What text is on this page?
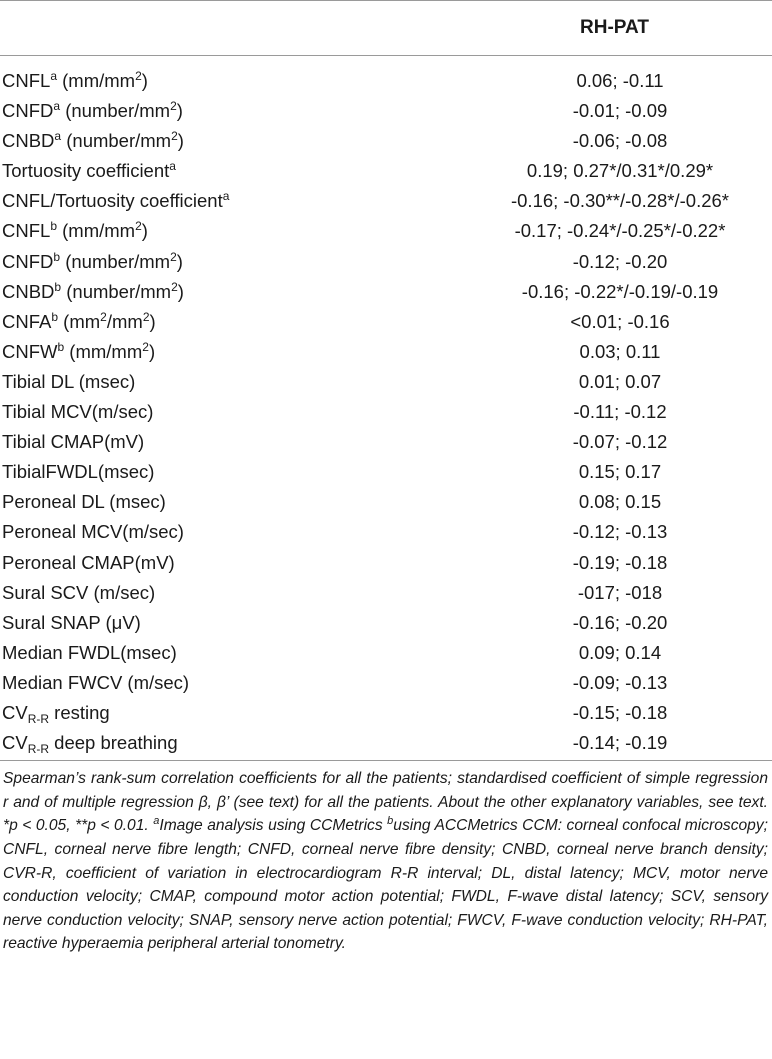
RH-PAT
CNFL$^a$ $(mm/mm^2)$	0.06; -0.11
CNFD$^a$ $(number/mm^2)$	-0.01; -0.09
CNBD$^a$ $(number/mm^2)$	-0.06; -0.08
Tortuosity coefficient$^a$	0.19; 0.27*/0.31*/0.29*
CNFL/Tortuosity coefficient$^a$	-0.16; -0.30**/-0.28*/-0.26*
CNFL$^b$ $(mm/mm^2)$	-0.17; -0.24*/-0.25*/-0.22*
CNFD$^b$ $(number/mm^2)$	-0.12; -0.20
CNBD$^b$ $(number/mm^2)$	-0.16; -0.22*/-0.19/-0.19
CNFA$^b$ $(mm^2/mm^2)$	<0.01; -0.16
CNFW$^b$ $(mm/mm^2)$	0.03; 0.11
Tibial DL (msec)	0.01; 0.07
Tibial MCV(m/sec)	-0.11; -0.12
Tibial CMAP(mV)	-0.07; -0.12
TibialFWDL(msec)	0.15; 0.17
Peroneal DL (msec)	0.08; 0.15
Peroneal MCV(m/sec)	-0.12; -0.13
Peroneal CMAP(mV)	-0.19; -0.18
Sural SCV (m/sec)	-017; -018
Sural SNAP (μV)	-0.16; -0.20
Median FWDL(msec)	0.09; 0.14
Median FWCV (m/sec)	-0.09; -0.13
$CV_{R-R}$ resting	-0.15; -0.18
$CV_{R-R}$ deep breathing	-0.14; -0.19
Spearman’s rank-sum correlation coefficients for all the patients; standardised coefficient of simple regression r and of multiple regression β, β’ (see text) for all the patients. About the other explanatory variables, see text. *p < 0.05, **p < 0.01. $^a$Image analysis using CCMetrics $^b$using ACCMetrics CCM: corneal confocal microscopy; CNFL, corneal nerve fibre length; CNFD, corneal nerve fibre density; CNBD, corneal nerve branch density; CVR-R, coefficient of variation in electrocardiogram R-R interval; DL, distal latency; MCV, motor nerve conduction velocity; CMAP, compound motor action potential; FWDL, F-wave distal latency; SCV, sensory nerve conduction velocity; SNAP, sensory nerve action potential; FWCV, F-wave conduction velocity; RH-PAT, reactive hyperaemia peripheral arterial tonometry.
